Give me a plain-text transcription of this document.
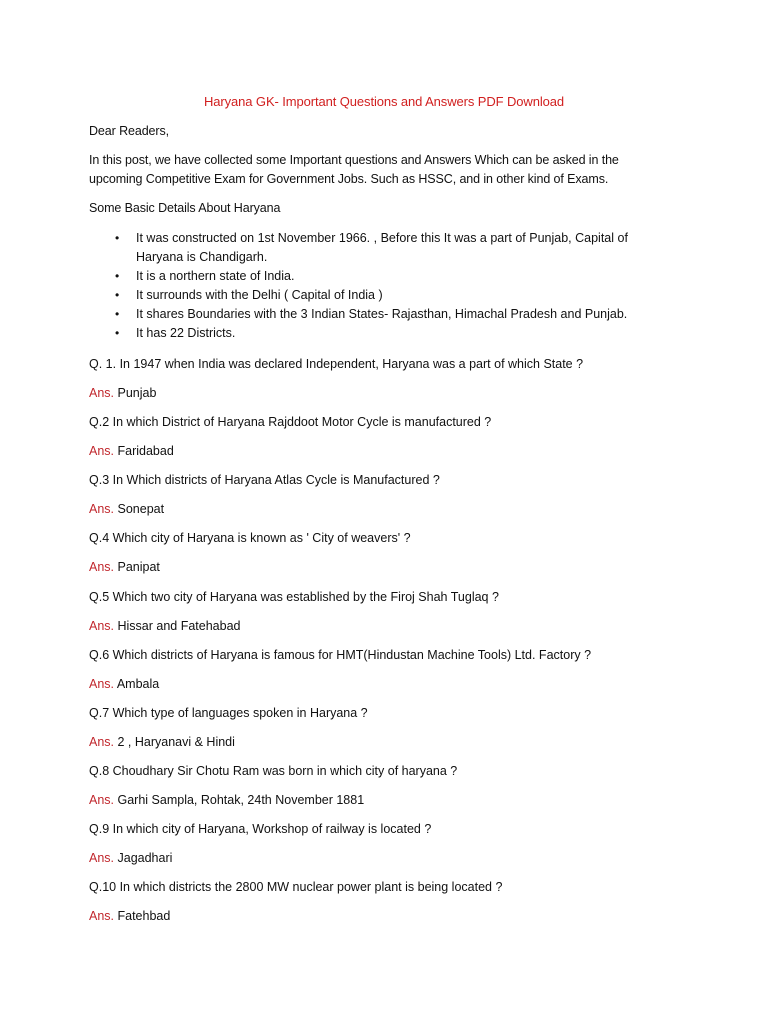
Haryana GK- Important Questions and Answers PDF Download
Dear Readers,
In this post, we have collected some Important questions and Answers Which can be asked in the upcoming Competitive Exam for Government Jobs. Such as HSSC, and in other kind of Exams.
Some Basic Details About Haryana
• It was constructed on 1st November 1966. , Before this It was a part of Punjab, Capital of Haryana is Chandigarh.
• It is a northern state of India.
• It surrounds with the Delhi ( Capital of India )
• It shares Boundaries with the 3 Indian States- Rajasthan, Himachal Pradesh and Punjab.
• It has 22 Districts.
Q. 1. In 1947 when India was declared Independent, Haryana was a part of which State ?
Ans. Punjab
Q.2 In which District of Haryana Rajddoot Motor Cycle is manufactured ?
Ans. Faridabad
Q.3 In Which districts of Haryana Atlas Cycle is Manufactured ?
Ans. Sonepat
Q.4 Which city of Haryana is known as ' City of weavers' ?
Ans. Panipat
Q.5 Which two city of Haryana was established by the Firoj Shah Tuglaq ?
Ans. Hissar and Fatehabad
Q.6 Which districts of Haryana is famous for HMT(Hindustan Machine Tools) Ltd. Factory ?
Ans. Ambala
Q.7 Which type of languages spoken in Haryana ?
Ans. 2 , Haryanavi & Hindi
Q.8 Choudhary Sir Chotu Ram was born in which city of haryana ?
Ans. Garhi Sampla, Rohtak, 24th November 1881
Q.9 In which city of Haryana, Workshop of railway is located ?
Ans. Jagadhari
Q.10 In which districts the 2800 MW nuclear power plant is being located ?
Ans. Fatehbad
